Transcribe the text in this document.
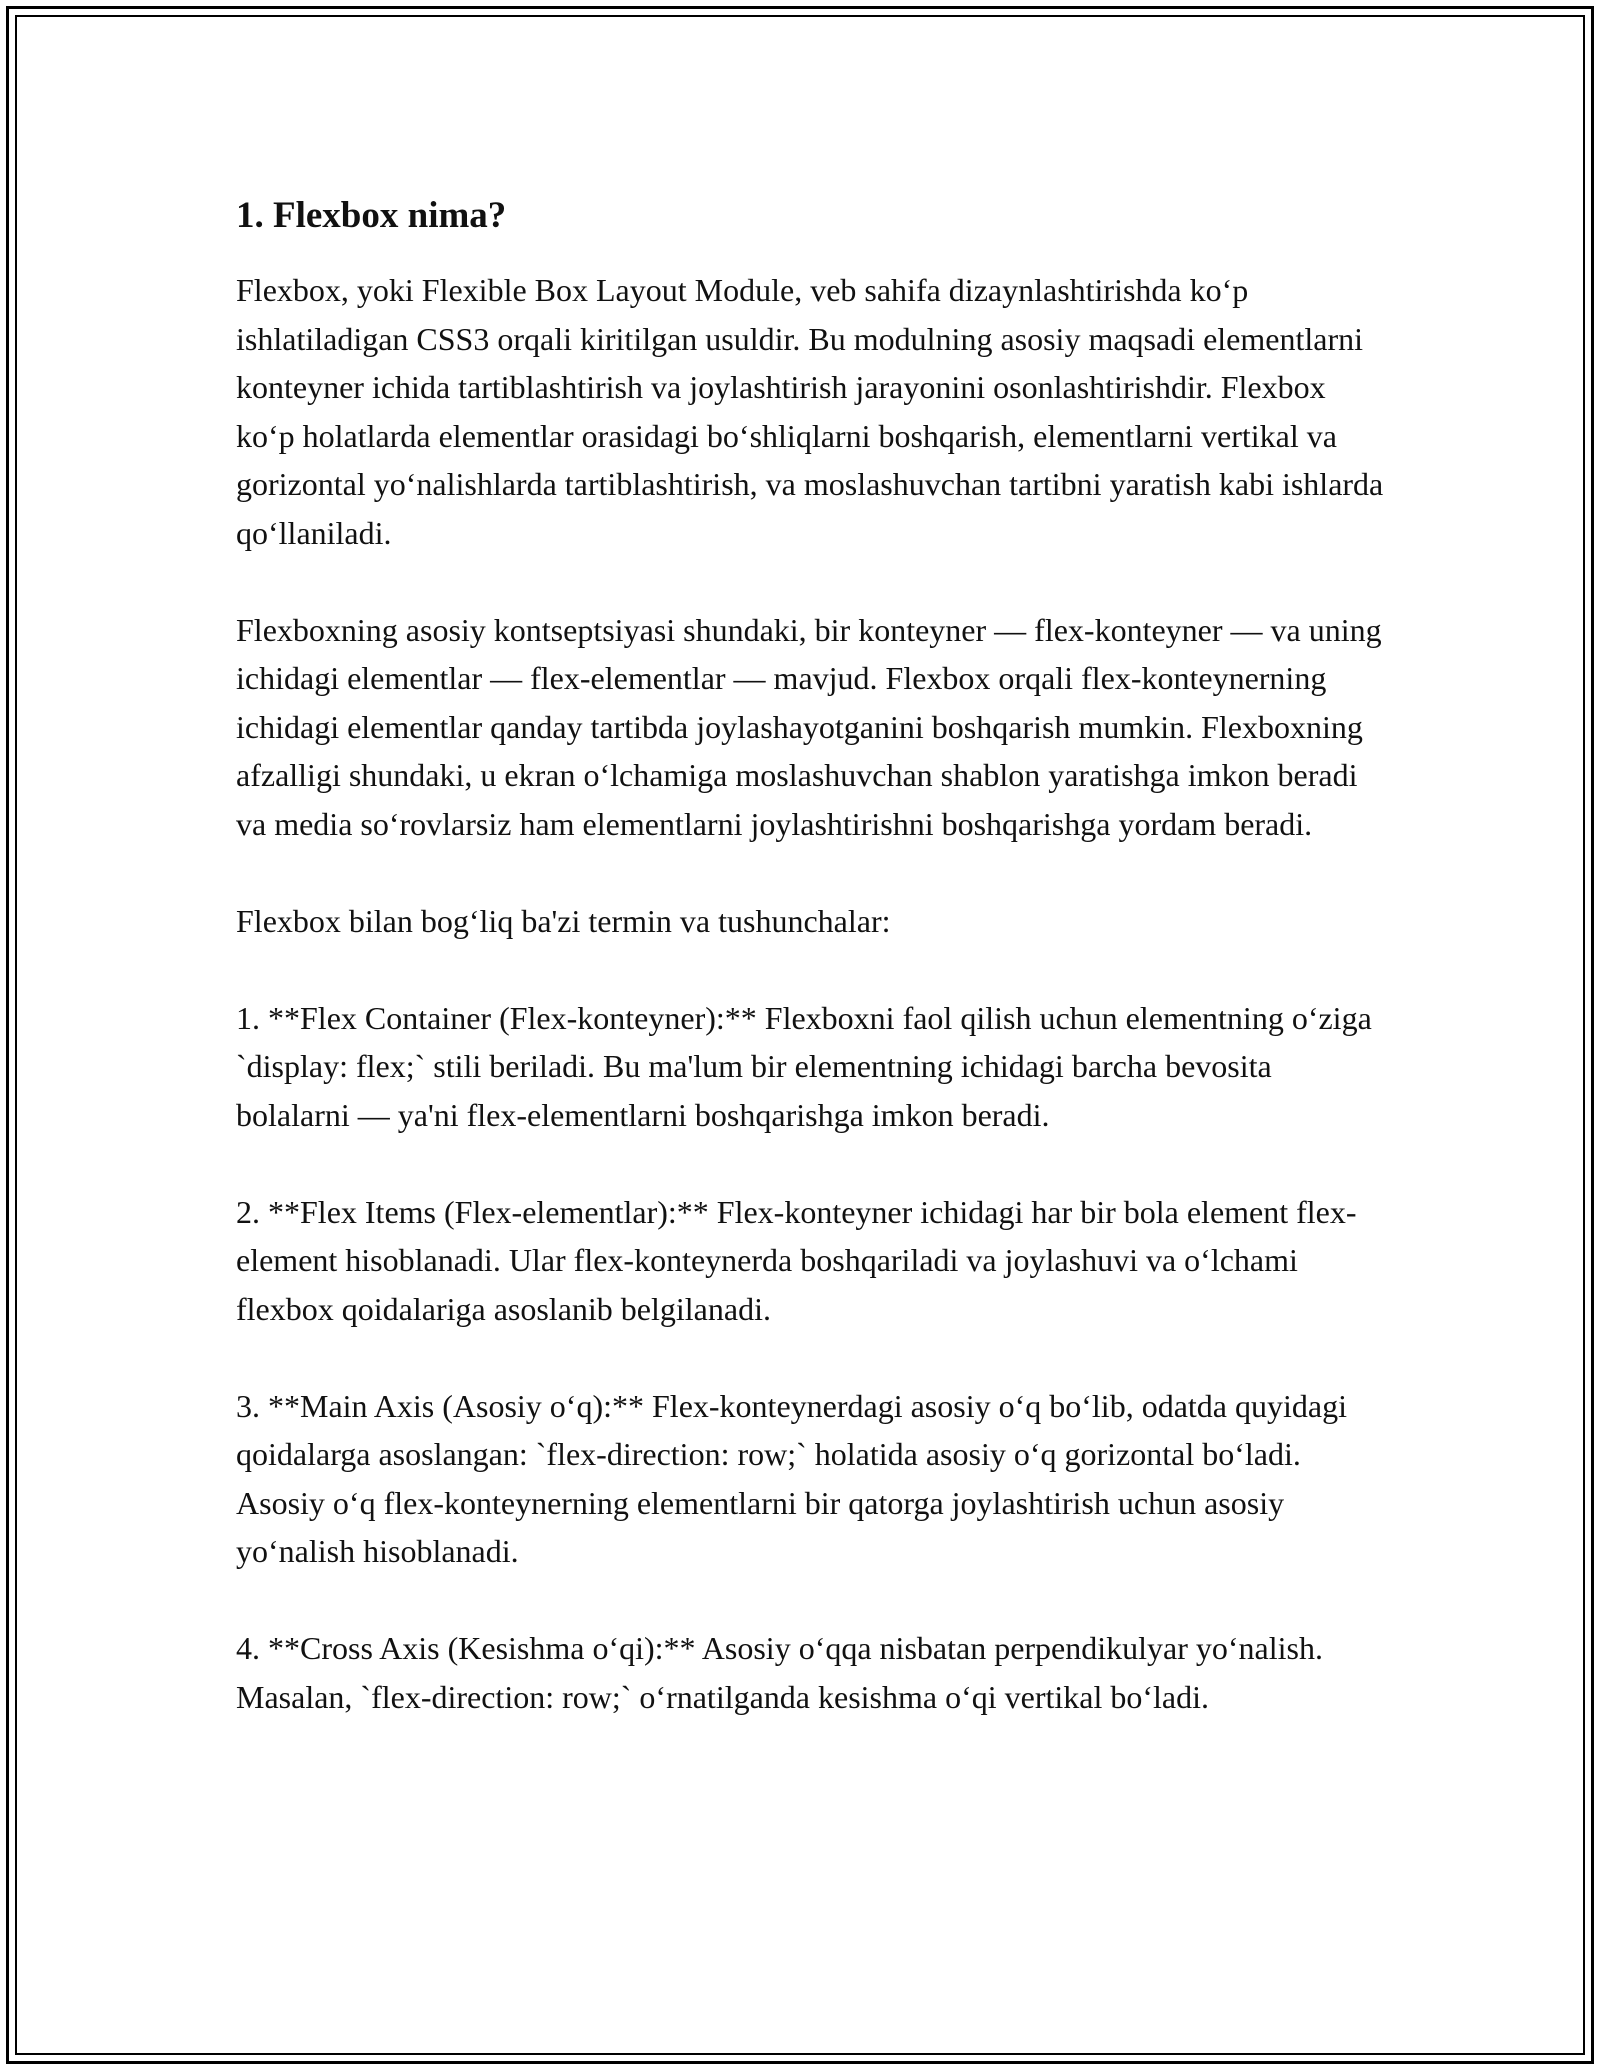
1. Flexbox nima?

Flexbox, yoki Flexible Box Layout Module, veb sahifa dizaynlashtirishda ko‘p ishlatiladigan CSS3 orqali kiritilgan usuldir. Bu modulning asosiy maqsadi elementlarni konteyner ichida tartiblashtirish va joylashtirish jarayonini osonlashtirishdir. Flexbox ko‘p holatlarda elementlar orasidagi bo‘shliqlarni boshqarish, elementlarni vertikal va gorizontal yo‘nalishlarda tartiblashtirish, va moslashuvchan tartibni yaratish kabi ishlarda qo‘llaniladi.

Flexboxning asosiy kontseptsiyasi shundaki, bir konteyner — flex-konteyner — va uning ichidagi elementlar — flex-elementlar — mavjud. Flexbox orqali flex-konteynerning ichidagi elementlar qanday tartibda joylashayotganini boshqarish mumkin. Flexboxning afzalligi shundaki, u ekran o‘lchamiga moslashuvchan shablon yaratishga imkon beradi va media so‘rovlarsiz ham elementlarni joylashtirishni boshqarishga yordam beradi.

Flexbox bilan bog‘liq ba'zi termin va tushunchalar:

1. **Flex Container (Flex-konteyner):** Flexboxni faol qilish uchun elementning o‘ziga `display: flex;` stili beriladi. Bu ma'lum bir elementning ichidagi barcha bevosita bolalarni — ya'ni flex-elementlarni boshqarishga imkon beradi.

2. **Flex Items (Flex-elementlar):** Flex-konteyner ichidagi har bir bola element flex-element hisoblanadi. Ular flex-konteynerda boshqariladi va joylashuvi va o‘lchami flexbox qoidalariga asoslanib belgilanadi.

3. **Main Axis (Asosiy o‘q):** Flex-konteynerdagi asosiy o‘q bo‘lib, odatda quyidagi qoidalarga asoslangan: `flex-direction: row;` holatida asosiy o‘q gorizontal bo‘ladi. Asosiy o‘q flex-konteynerning elementlarni bir qatorga joylashtirish uchun asosiy yo‘nalish hisoblanadi.

4. **Cross Axis (Kesishma o‘qi):** Asosiy o‘qqa nisbatan perpendikulyar yo‘nalish. Masalan, `flex-direction: row;` o‘rnatilganda kesishma o‘qi vertikal bo‘ladi.
